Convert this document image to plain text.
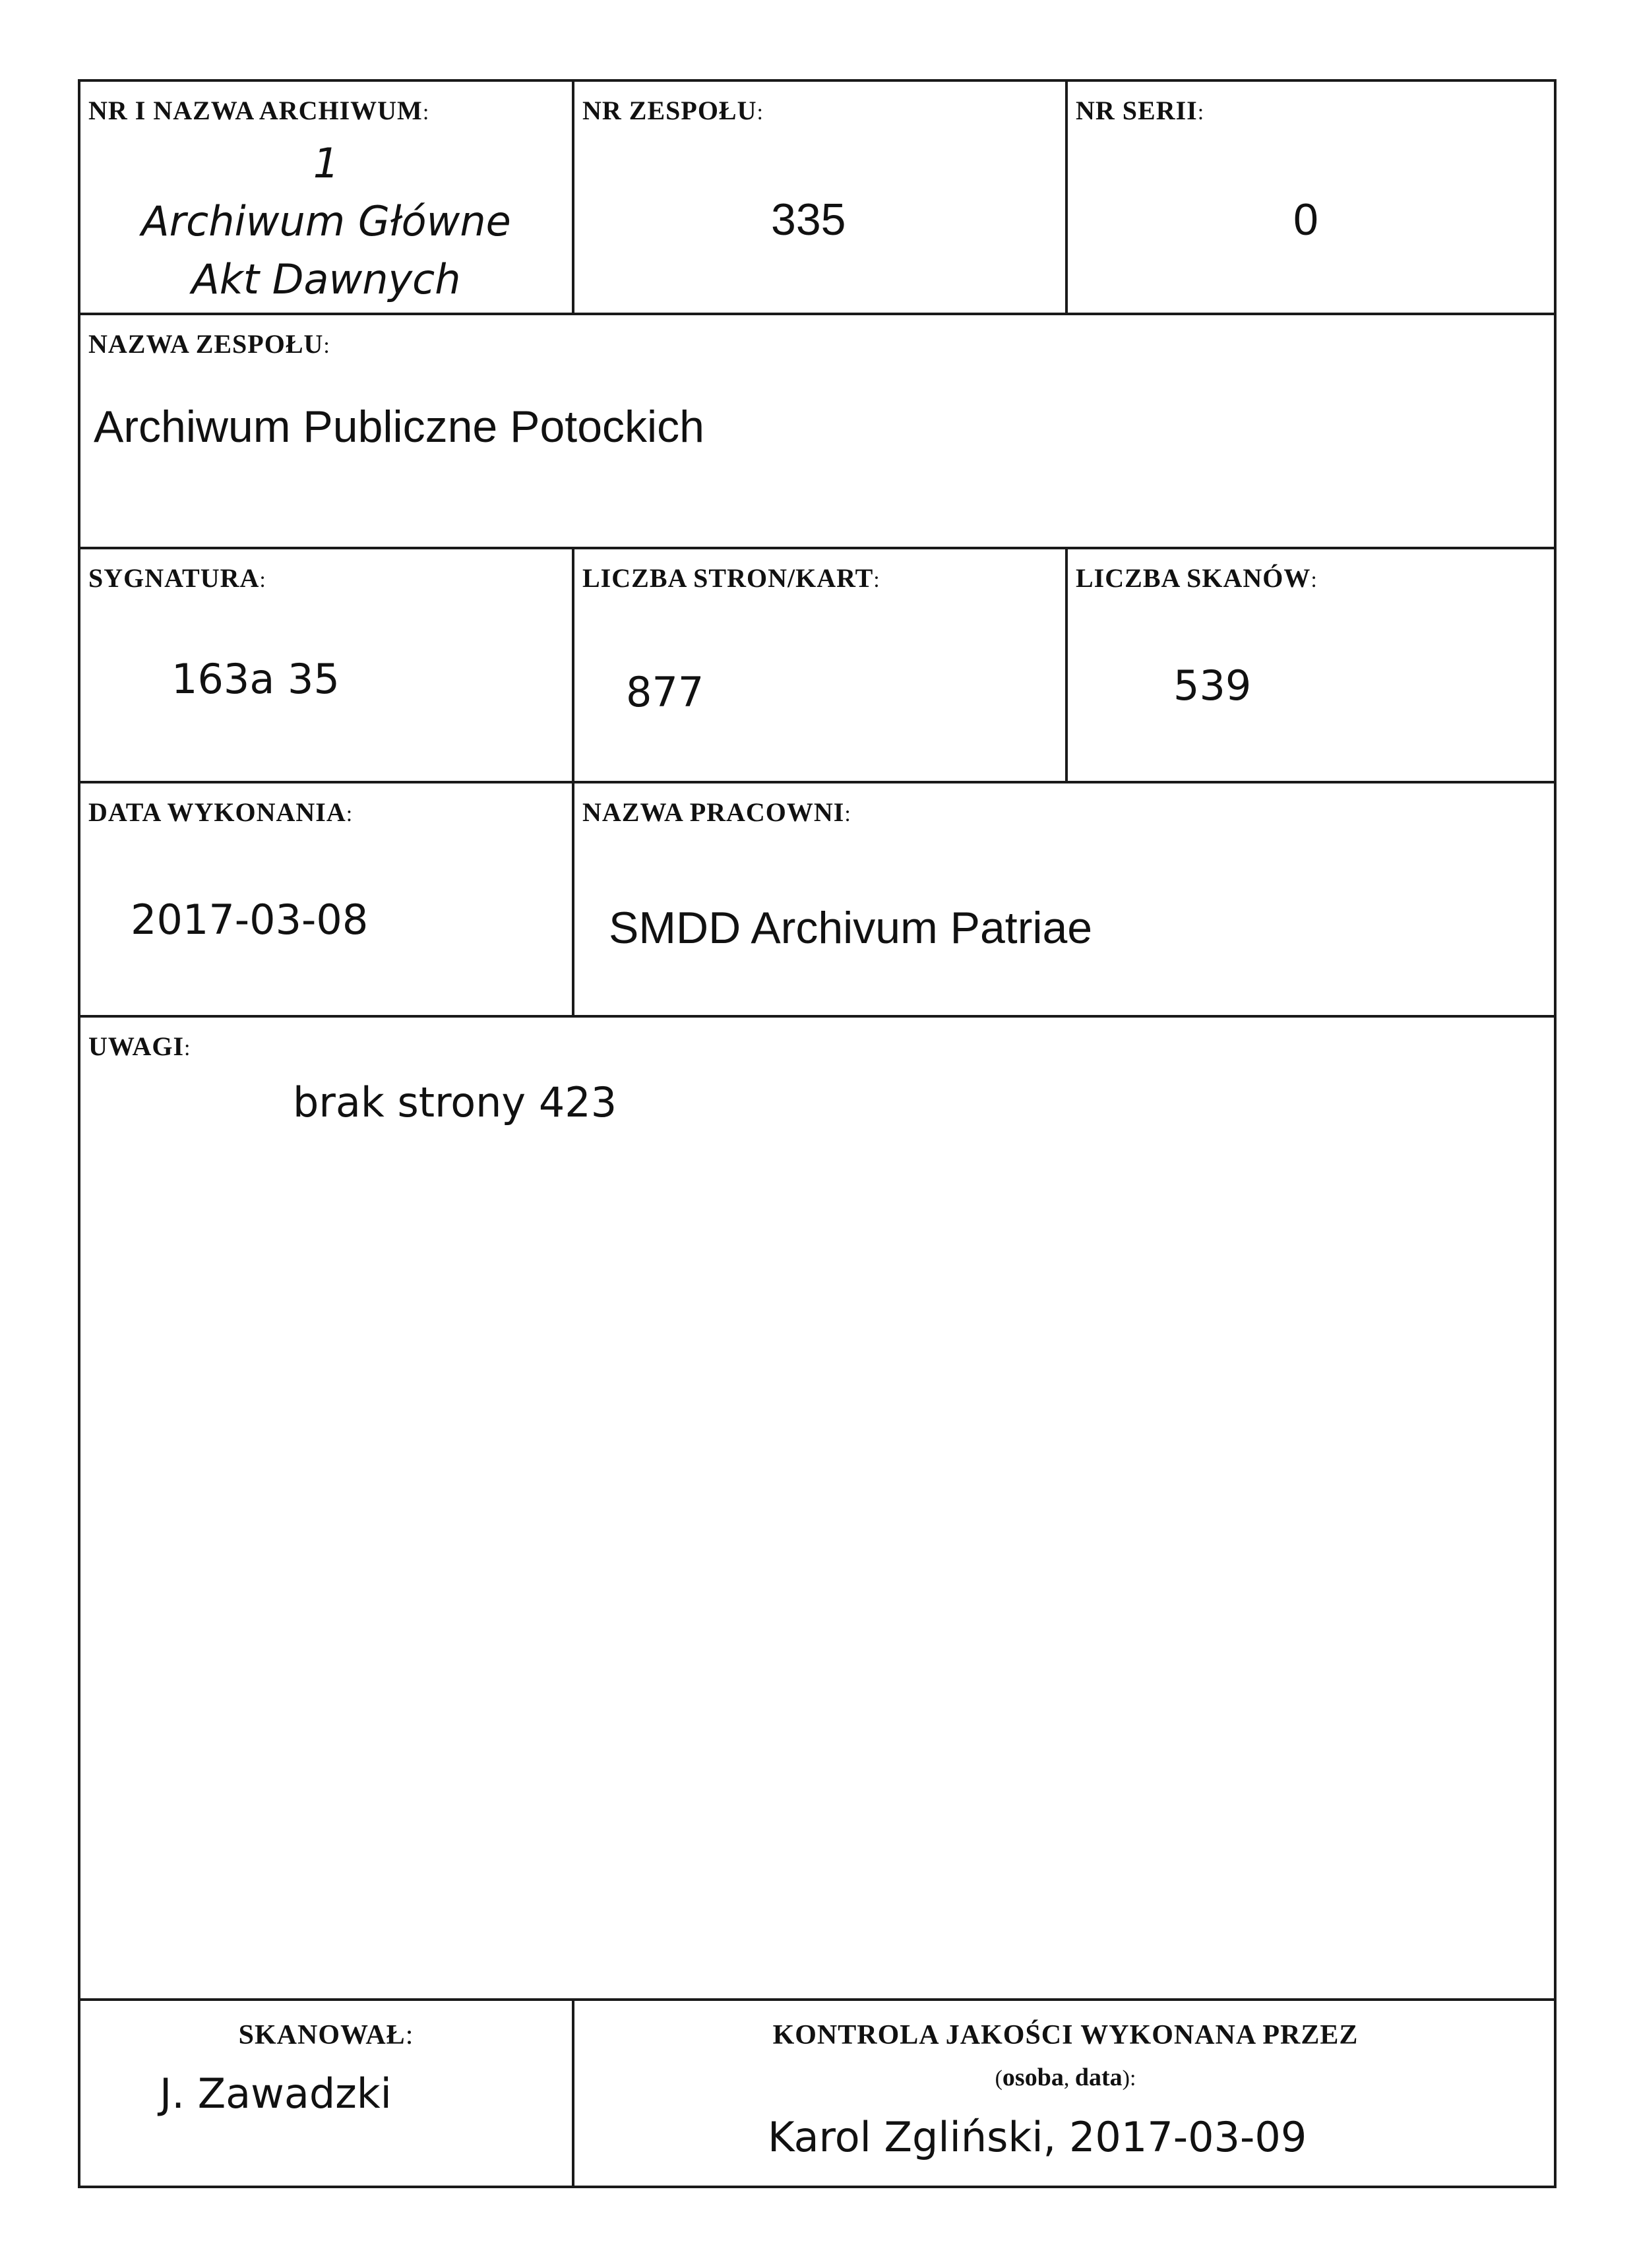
NR I NAZWA ARCHIWUM:
1
Archiwum Główne
Akt Dawnych
NR ZESPOŁU:
335
NR SERII:
0
NAZWA ZESPOŁU:
Archiwum Publiczne Potockich
SYGNATURA:
163a 35
LICZBA STRON/KART:
877
LICZBA SKANÓW:
539
DATA WYKONANIA:
2017-03-08
NAZWA PRACOWNI:
SMDD Archivum Patriae
UWAGI:
brak strony 423
SKANOWAŁ:
J. Zawadzki
KONTROLA JAKOŚCI WYKONANA PRZEZ
(osoba, data):
Karol Zgliński, 2017-03-09
